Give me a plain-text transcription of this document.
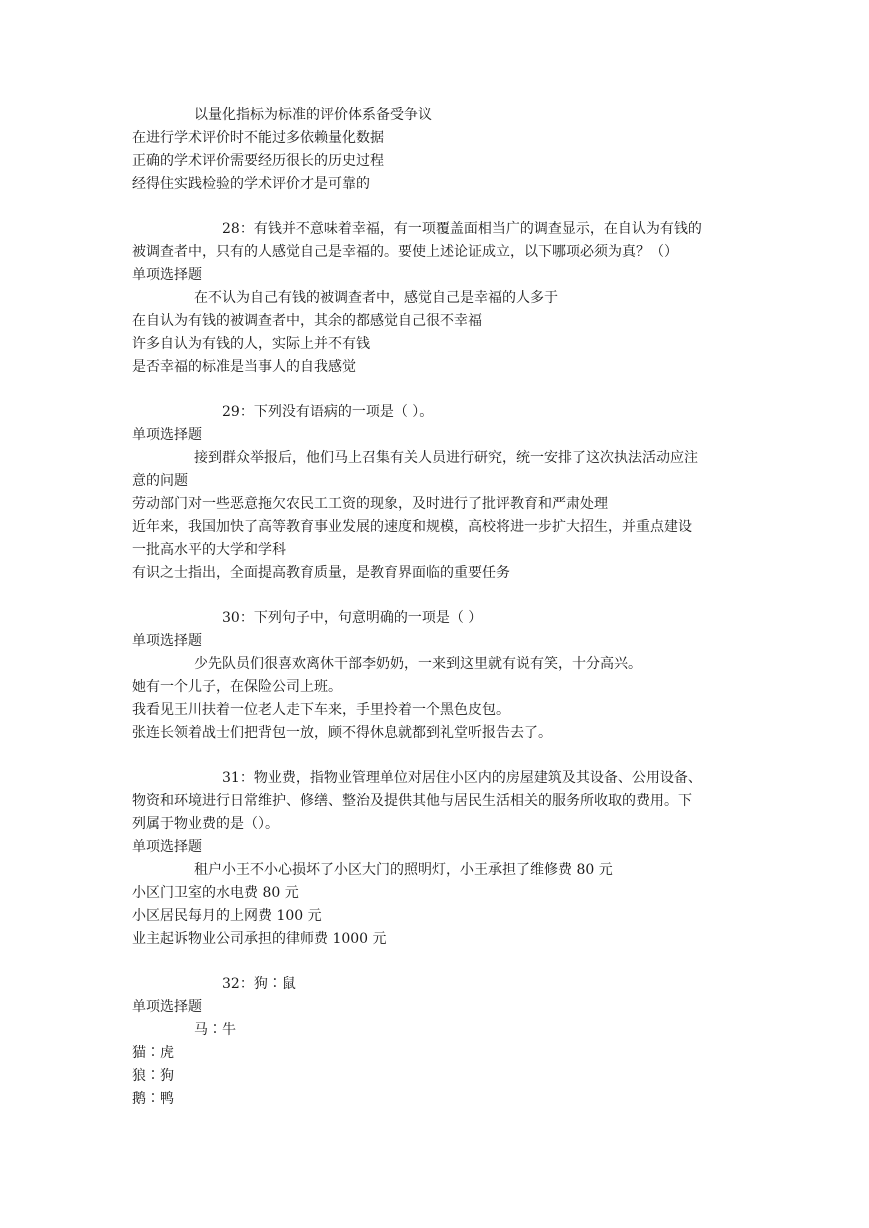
以量化指标为标准的评价体系备受争议
在进行学术评价时不能过多依赖量化数据
正确的学术评价需要经历很长的历史过程
经得住实践检验的学术评价才是可靠的
28：有钱并不意味着幸福，有一项覆盖面相当广的调查显示，在自认为有钱的
被调查者中，只有的人感觉自己是幸福的。要使上述论证成立，以下哪项必须为真？（）
单项选择题
在不认为自己有钱的被调查者中，感觉自己是幸福的人多于
在自认为有钱的被调查者中，其余的都感觉自己很不幸福
许多自认为有钱的人，实际上并不有钱
是否幸福的标准是当事人的自我感觉
29：下列没有语病的一项是（ ）。
单项选择题
接到群众举报后，他们马上召集有关人员进行研究，统一安排了这次执法活动应注
意的问题
劳动部门对一些恶意拖欠农民工工资的现象，及时进行了批评教育和严肃处理
近年来，我国加快了高等教育事业发展的速度和规模，高校将进一步扩大招生，并重点建设
一批高水平的大学和学科
有识之士指出，全面提高教育质量，是教育界面临的重要任务
30：下列句子中，句意明确的一项是（ ）
单项选择题
少先队员们很喜欢离休干部李奶奶，一来到这里就有说有笑，十分高兴。
她有一个儿子，在保险公司上班。
我看见王川扶着一位老人走下车来，手里拎着一个黑色皮包。
张连长领着战士们把背包一放，顾不得休息就都到礼堂听报告去了。
31：物业费，指物业管理单位对居住小区内的房屋建筑及其设备、公用设备、
物资和环境进行日常维护、修缮、整治及提供其他与居民生活相关的服务所收取的费用。下
列属于物业费的是（）。
单项选择题
租户小王不小心损坏了小区大门的照明灯，小王承担了维修费 80 元
小区门卫室的水电费 80 元
小区居民每月的上网费 100 元
业主起诉物业公司承担的律师费 1000 元
32：狗∶鼠
单项选择题
马∶牛
猫∶虎
狼∶狗
鹅∶鸭
